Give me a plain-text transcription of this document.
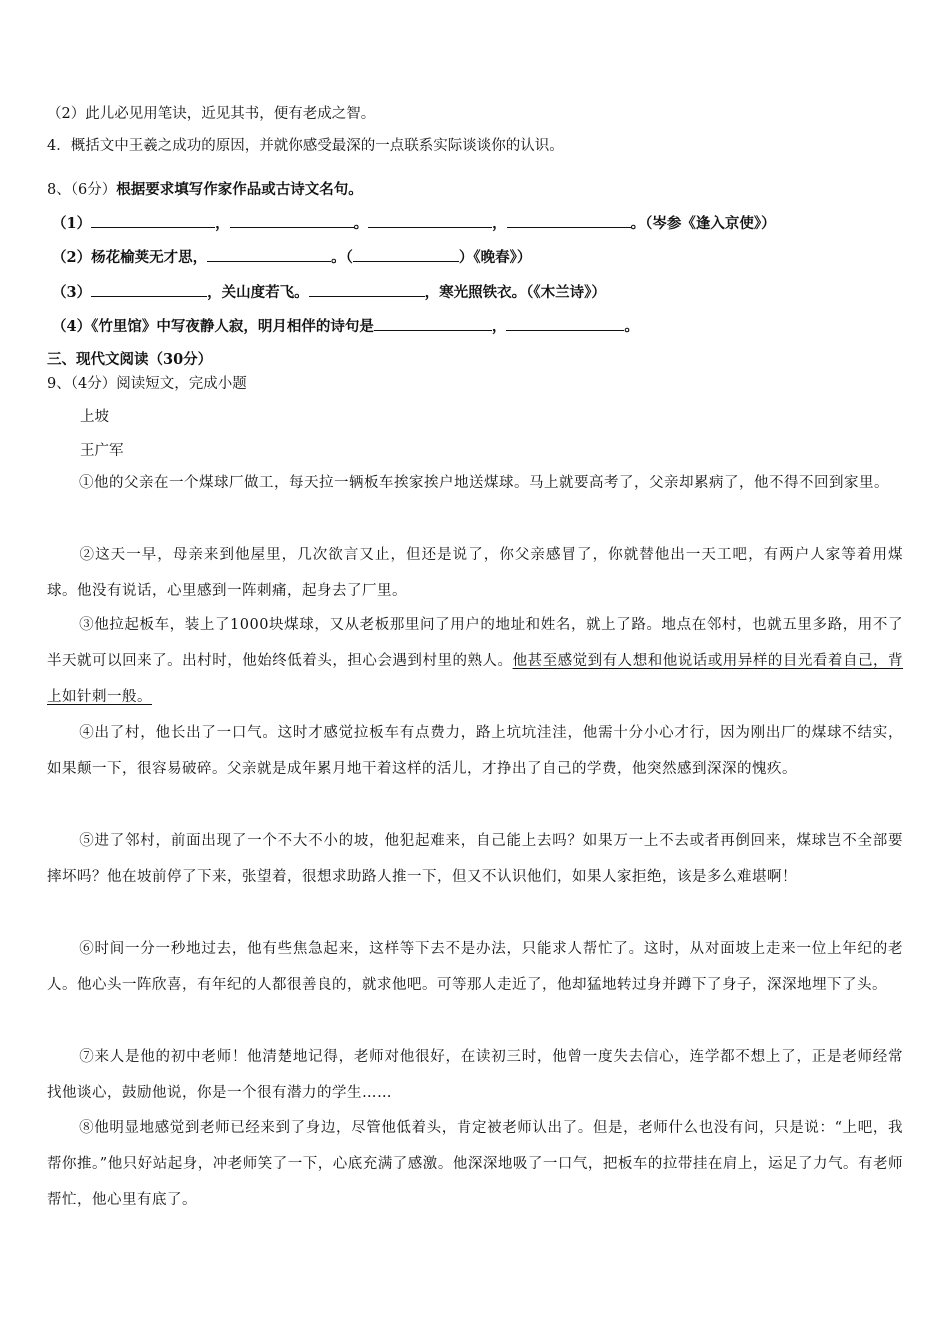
（2）此儿必见用笔诀，近见其书，便有老成之智。
4．概括文中王羲之成功的原因，并就你感受最深的一点联系实际谈谈你的认识。
8、（6分）根据要求填写作家作品或古诗文名句。
（1）	，	。	，	。（岑参《逢入京使》）
（2）杨花榆荚无才思，	。（	）《晚春》）
（3）	，关山度若飞。	，寒光照铁衣。（《木兰诗》）
（4）《竹里馆》中写夜静人寂，明月相伴的诗句是	，	。
三、现代文阅读（30分）
9、（4分）阅读短文，完成小题
上坡
王广军
①他的父亲在一个煤球厂做工，每天拉一辆板车挨家挨户地送煤球。马上就要高考了，父亲却累病了，他不得不回到家里。
②这天一早，母亲来到他屋里，几次欲言又止，但还是说了，你父亲感冒了，你就替他出一天工吧，有两户人家等着用煤球。他没有说话，心里感到一阵刺痛，起身去了厂里。
③他拉起板车，装上了1000块煤球，又从老板那里问了用户的地址和姓名，就上了路。地点在邻村，也就五里多路，用不了半天就可以回来了。出村时，他始终低着头，担心会遇到村里的熟人。他甚至感觉到有人想和他说话或用异样的目光看着自己，背上如针刺一般。
④出了村，他长出了一口气。这时才感觉拉板车有点费力，路上坑坑洼洼，他需十分小心才行，因为刚出厂的煤球不结实，如果颠一下，很容易破碎。父亲就是成年累月地干着这样的活儿，才挣出了自己的学费，他突然感到深深的愧疚。
⑤进了邻村，前面出现了一个不大不小的坡，他犯起难来，自己能上去吗？如果万一上不去或者再倒回来，煤球岂不全部要摔坏吗？他在坡前停了下来，张望着，很想求助路人推一下，但又不认识他们，如果人家拒绝，该是多么难堪啊！
⑥时间一分一秒地过去，他有些焦急起来，这样等下去不是办法，只能求人帮忙了。这时，从对面坡上走来一位上年纪的老人。他心头一阵欣喜，有年纪的人都很善良的，就求他吧。可等那人走近了，他却猛地转过身并蹲下了身子，深深地埋下了头。
⑦来人是他的初中老师！他清楚地记得，老师对他很好，在读初三时，他曾一度失去信心，连学都不想上了，正是老师经常找他谈心，鼓励他说，你是一个很有潜力的学生……
⑧他明显地感觉到老师已经来到了身边，尽管他低着头，肯定被老师认出了。但是，老师什么也没有问，只是说：“上吧，我帮你推。”他只好站起身，冲老师笑了一下，心底充满了感激。他深深地吸了一口气，把板车的拉带挂在肩上，运足了力气。有老师帮忙，他心里有底了。
